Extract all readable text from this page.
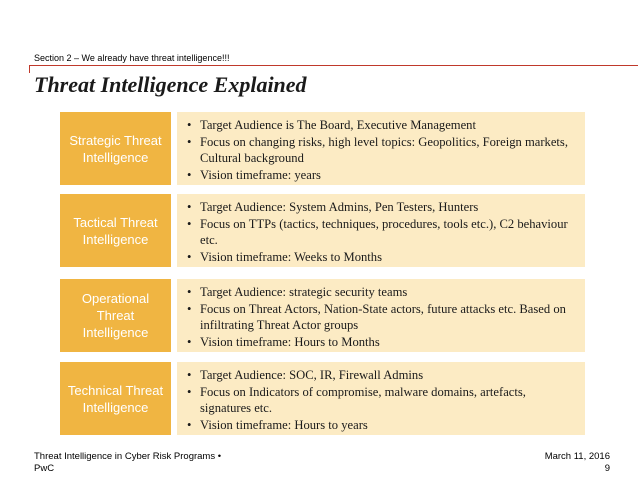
Section 2 – We already have threat intelligence!!!
Threat Intelligence Explained
Strategic Threat Intelligence
• Target Audience is The Board, Executive Management
• Focus on changing risks, high level topics: Geopolitics, Foreign markets, Cultural background
• Vision timeframe: years
Tactical Threat Intelligence
• Target Audience: System Admins, Pen Testers, Hunters
• Focus on TTPs (tactics, techniques, procedures, tools etc.), C2 behaviour etc.
• Vision timeframe: Weeks to Months
Operational Threat Intelligence
• Target Audience: strategic security teams
• Focus on Threat Actors, Nation-State actors, future attacks etc. Based on infiltrating Threat Actor groups
• Vision timeframe: Hours to Months
Technical Threat Intelligence
• Target Audience: SOC, IR, Firewall Admins
• Focus on Indicators of compromise, malware domains, artefacts, signatures etc.
• Vision timeframe: Hours to years
Threat Intelligence in Cyber Risk Programs •
PwC
March 11, 2016
9
